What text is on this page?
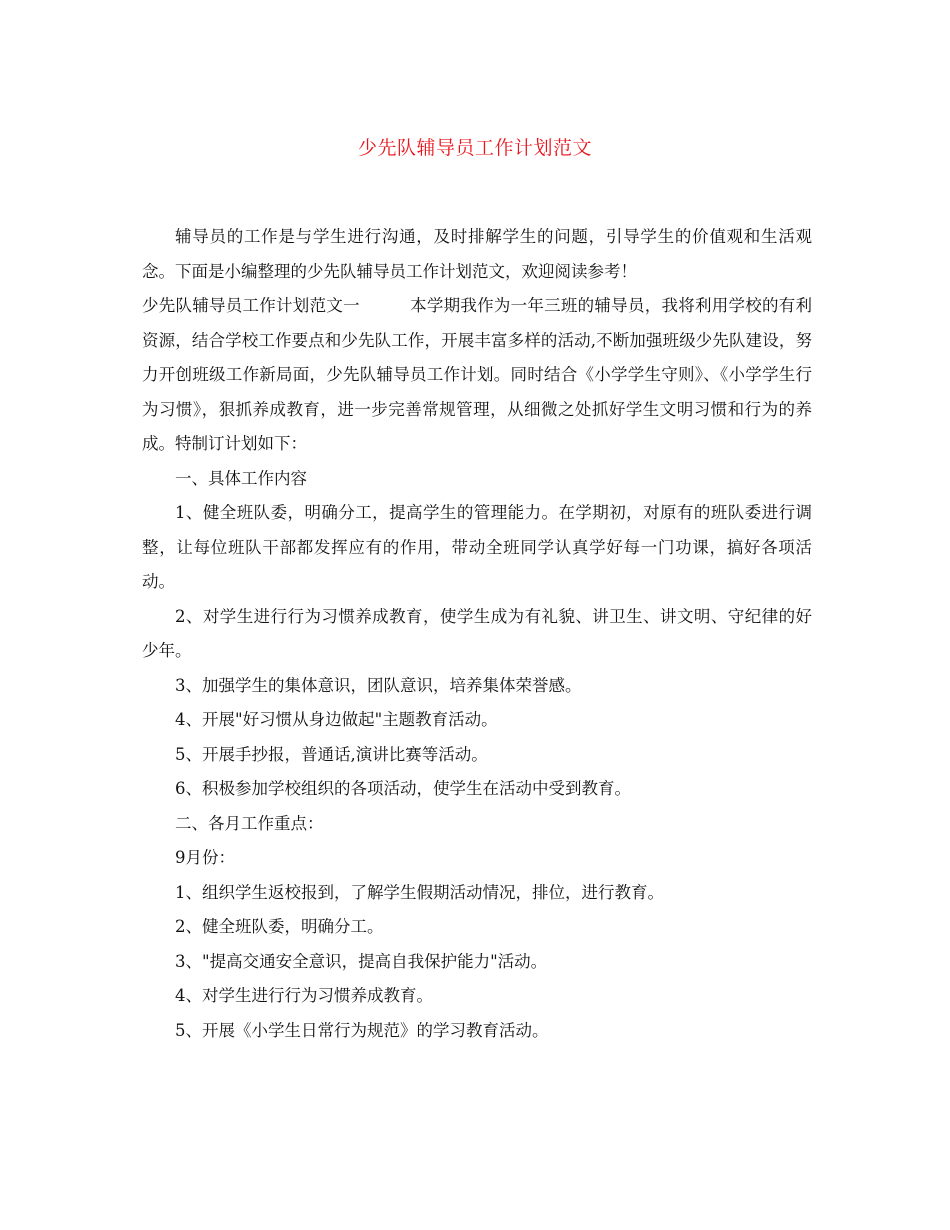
少先队辅导员工作计划范文

辅导员的工作是与学生进行沟通，及时排解学生的问题，引导学生的价值观和生活观念。下面是小编整理的少先队辅导员工作计划范文，欢迎阅读参考！

少先队辅导员工作计划范文一	本学期我作为一年三班的辅导员，我将利用学校的有利资源，结合学校工作要点和少先队工作，开展丰富多样的活动,不断加强班级少先队建设，努力开创班级工作新局面，少先队辅导员工作计划。同时结合《小学学生守则》、《小学学生行为习惯》，狠抓养成教育，进一步完善常规管理，从细微之处抓好学生文明习惯和行为的养成。特制订计划如下：

一、具体工作内容

1、健全班队委，明确分工，提高学生的管理能力。在学期初，对原有的班队委进行调整，让每位班队干部都发挥应有的作用，带动全班同学认真学好每一门功课，搞好各项活动。

2、对学生进行行为习惯养成教育，使学生成为有礼貌、讲卫生、讲文明、守纪律的好少年。

3、加强学生的集体意识，团队意识，培养集体荣誉感。

4、开展"好习惯从身边做起"主题教育活动。

5、开展手抄报，普通话,演讲比赛等活动。

6、积极参加学校组织的各项活动，使学生在活动中受到教育。

二、各月工作重点：

9月份：

1、组织学生返校报到，了解学生假期活动情况，排位，进行教育。

2、健全班队委，明确分工。

3、"提高交通安全意识，提高自我保护能力"活动。

4、对学生进行行为习惯养成教育。

5、开展《小学生日常行为规范》的学习教育活动。
